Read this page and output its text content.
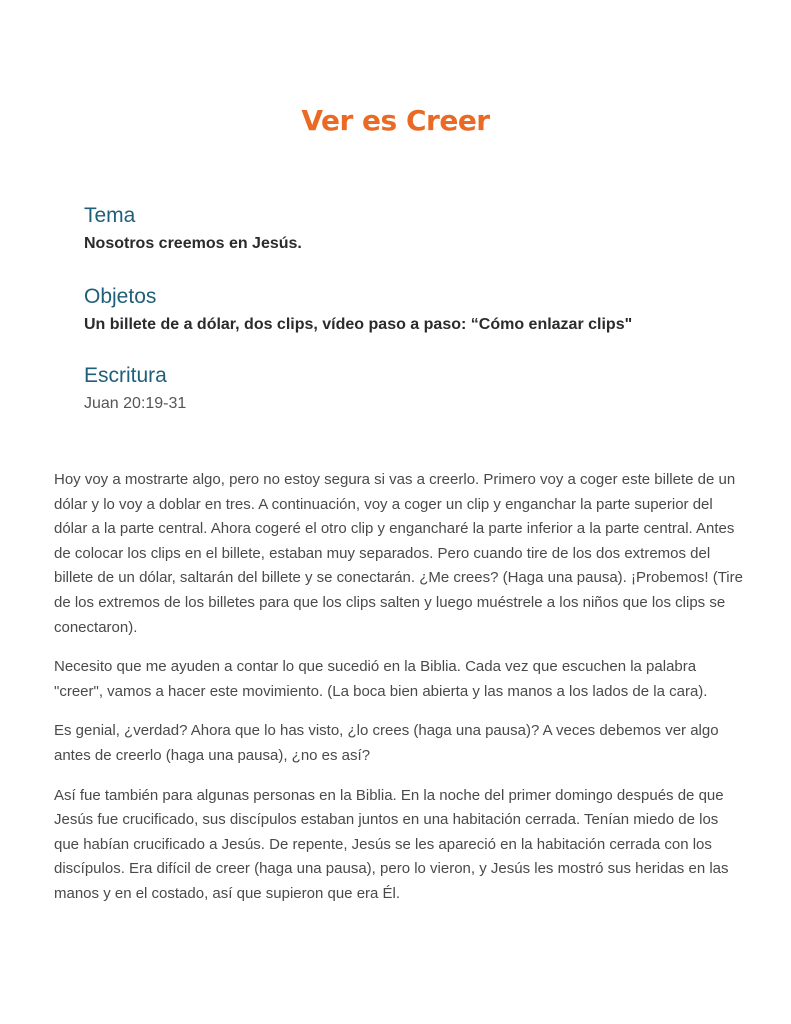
Ver es Creer
Tema

Nosotros creemos en Jesús.

Objetos

Un billete de a dólar, dos clips, vídeo paso a paso: “Cómo enlazar clips"

Escritura

Juan 20:19-31

Hoy voy a mostrarte algo, pero no estoy segura si vas a creerlo. Primero voy a coger este billete de un dólar y lo voy a doblar en tres. A continuación, voy a coger un clip y enganchar la parte superior del dólar a la parte central. Ahora cogeré el otro clip y engancharé la parte inferior a la parte central. Antes de colocar los clips en el billete, estaban muy separados. Pero cuando tire de los dos extremos del billete de un dólar, saltarán del billete y se conectarán. ¿Me crees? (Haga una pausa). ¡Probemos! (Tire de los extremos de los billetes para que los clips salten y luego muéstrele a los niños que los clips se conectaron).

Necesito que me ayuden a contar lo que sucedió en la Biblia. Cada vez que escuchen la palabra "creer", vamos a hacer este movimiento. (La boca bien abierta y las manos a los lados de la cara).

Es genial, ¿verdad? Ahora que lo has visto, ¿lo crees (haga una pausa)? A veces debemos ver algo antes de creerlo (haga una pausa), ¿no es así?

Así fue también para algunas personas en la Biblia. En la noche del primer domingo después de que Jesús fue crucificado, sus discípulos estaban juntos en una habitación cerrada. Tenían miedo de los que habían crucificado a Jesús. De repente, Jesús se les apareció en la habitación cerrada con los discípulos. Era difícil de creer (haga una pausa), pero lo vieron, y Jesús les mostró sus heridas en las manos y en el costado, así que supieron que era Él.
